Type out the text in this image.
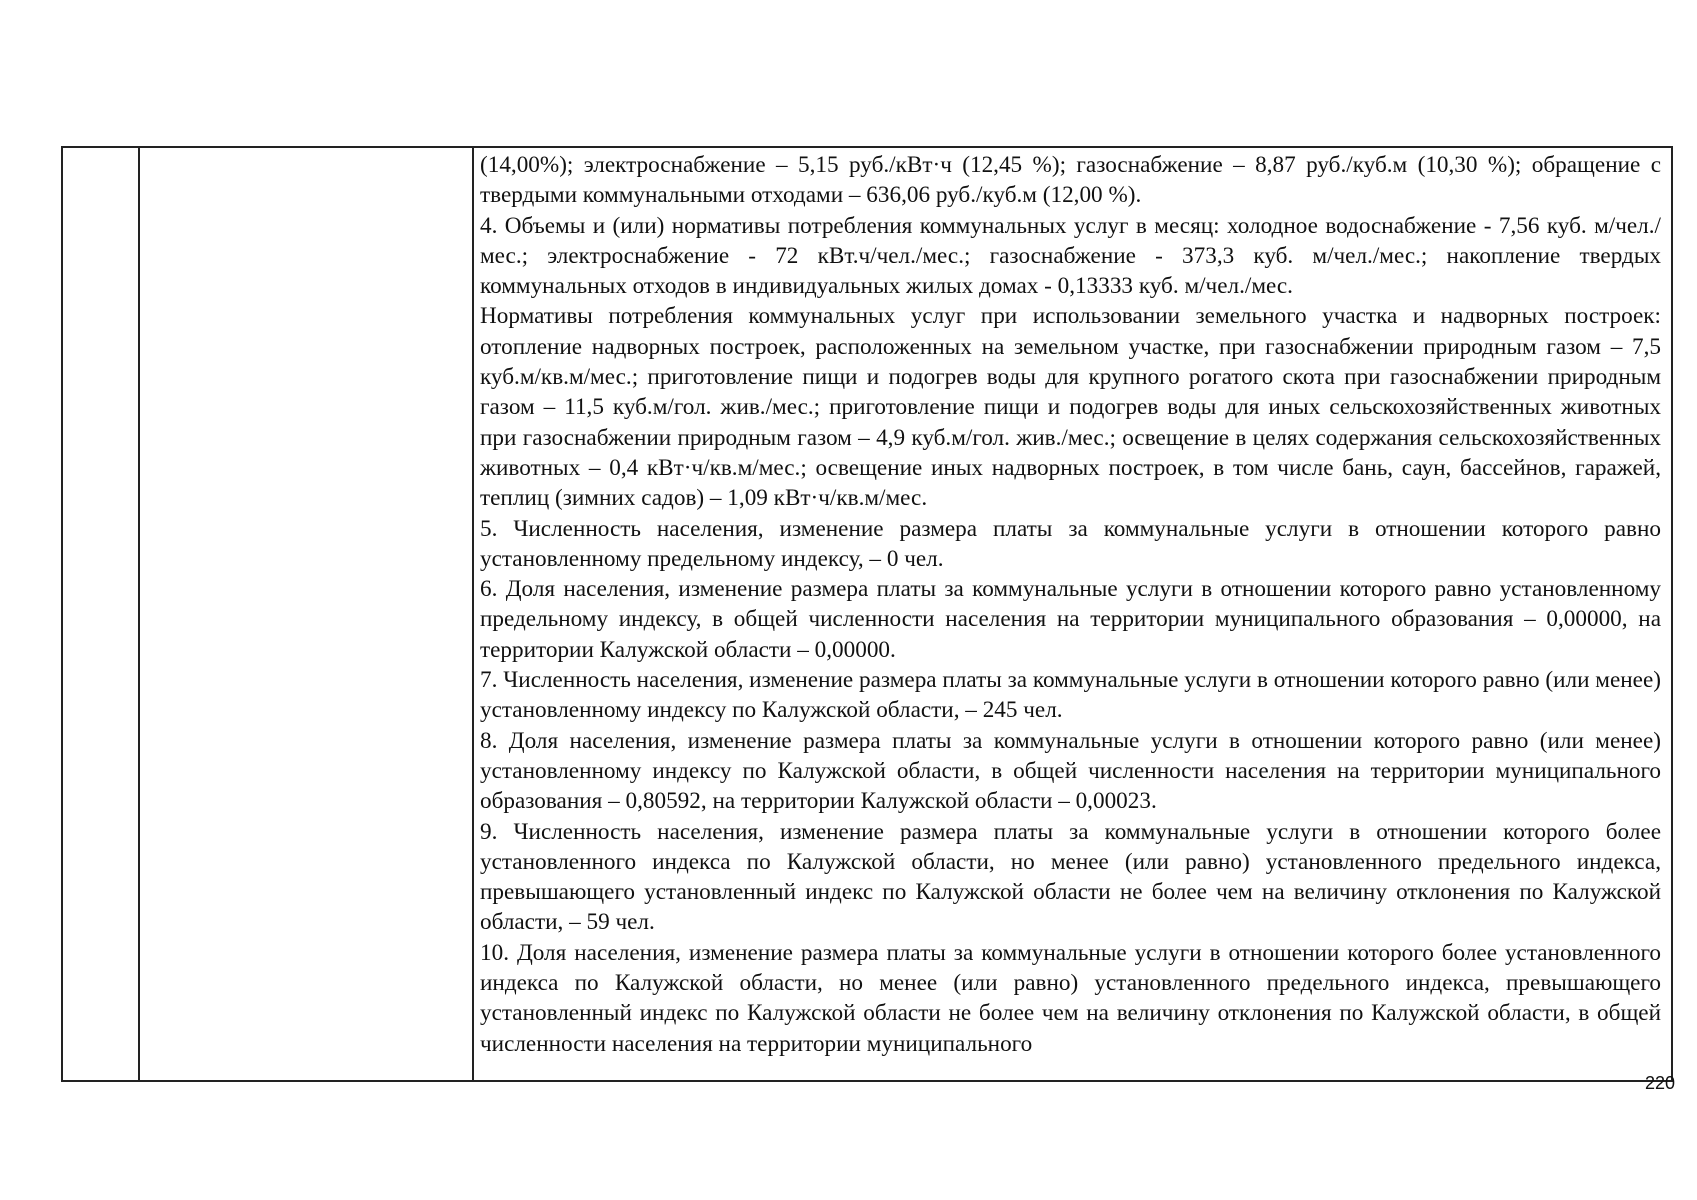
(14,00%); электроснабжение – 5,15 руб./кВт·ч (12,45 %); газоснабжение – 8,87 руб./куб.м (10,30 %); обращение с твердыми коммунальными отходами – 636,06 руб./куб.м (12,00 %).

4. Объемы и (или) нормативы потребления коммунальных услуг в месяц: холодное водоснабжение - 7,56 куб. м/чел./мес.; электроснабжение - 72 кВт.ч/чел./мес.; газоснабжение - 373,3 куб. м/чел./мес.; накопление твердых коммунальных отходов в индивидуальных жилых домах - 0,13333 куб. м/чел./мес.

Нормативы потребления коммунальных услуг при использовании земельного участка и надворных построек: отопление надворных построек, расположенных на земельном участке, при газоснабжении природным газом – 7,5 куб.м/кв.м/мес.; приготовление пищи и подогрев воды для крупного рогатого скота при газоснабжении природным газом – 11,5 куб.м/гол. жив./мес.; приготовление пищи и подогрев воды для иных сельскохозяйственных животных при газоснабжении природным газом – 4,9 куб.м/гол. жив./мес.; освещение в целях содержания сельскохозяйственных животных – 0,4 кВт·ч/кв.м/мес.; освещение иных надворных построек, в том числе бань, саун, бассейнов, гаражей, теплиц (зимних садов) – 1,09 кВт·ч/кв.м/мес.

5. Численность населения, изменение размера платы за коммунальные услуги в отношении которого равно установленному предельному индексу, – 0 чел.

6. Доля населения, изменение размера платы за коммунальные услуги в отношении которого равно установленному предельному индексу, в общей численности населения на территории муниципального образования – 0,00000, на территории Калужской области – 0,00000.

7. Численность населения, изменение размера платы за коммунальные услуги в отношении которого равно (или менее) установленному индексу по Калужской области, – 245 чел.

8. Доля населения, изменение размера платы за коммунальные услуги в отношении которого равно (или менее) установленному индексу по Калужской области, в общей численности населения на территории муниципального образования – 0,80592, на территории Калужской области – 0,00023.

9. Численность населения, изменение размера платы за коммунальные услуги в отношении которого более установленного индекса по Калужской области, но менее (или равно) установленного предельного индекса, превышающего установленный индекс по Калужской области не более чем на величину отклонения по Калужской области, – 59 чел.

10. Доля населения, изменение размера платы за коммунальные услуги в отношении которого более установленного индекса по Калужской области, но менее (или равно) установленного предельного индекса, превышающего установленный индекс по Калужской области не более чем на величину отклонения по Калужской области, в общей численности населения на территории муниципального

220
